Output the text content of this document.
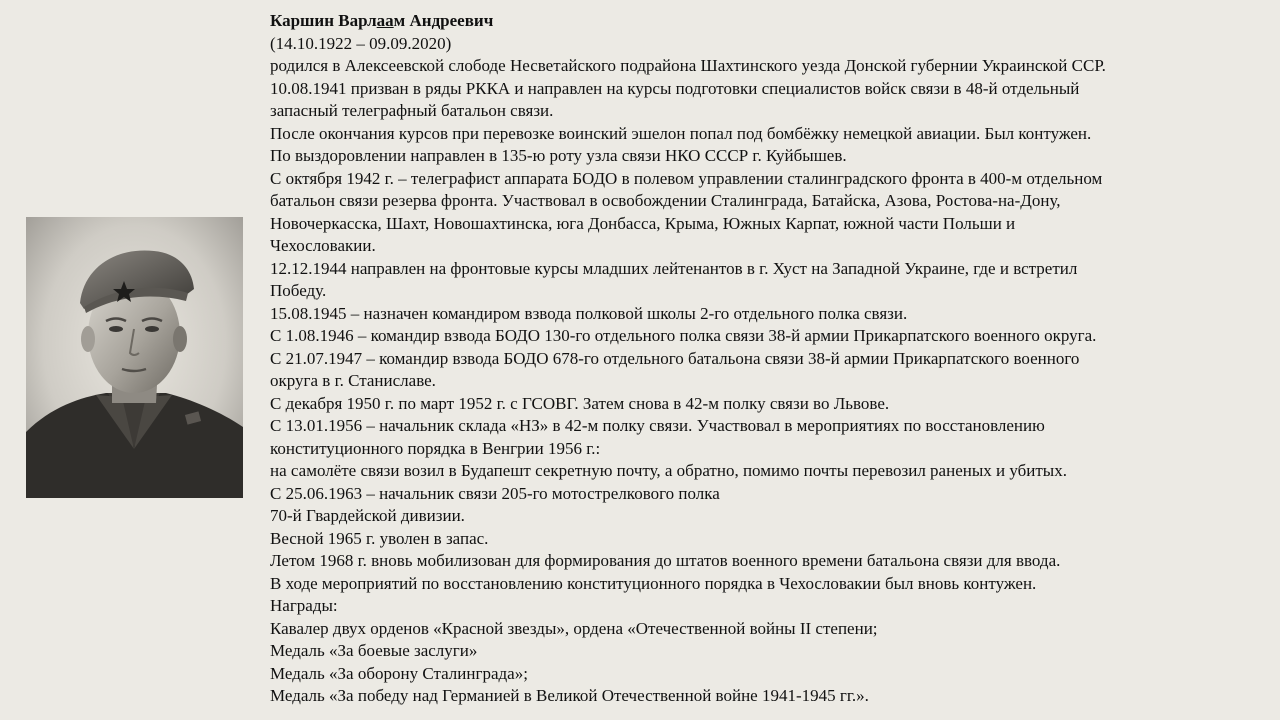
Каршин Варлаам Андреевич
(14.10.1922 – 09.09.2020)
родился в Алексеевской слободе Несветайского подрайона Шахтинского уезда Донской губернии Украинской ССР.
10.08.1941 призван в ряды РККА и направлен на курсы подготовки специалистов войск связи в 48-й отдельный
запасный телеграфный батальон связи.
После окончания курсов при перевозке воинский эшелон попал под бомбёжку немецкой авиации. Был контужен.
По выздоровлении направлен в 135-ю роту узла связи НКО СССР г. Куйбышев.
С октября 1942 г. – телеграфист аппарата БОДО в полевом управлении сталинградского фронта в 400-м отдельном
батальон связи резерва фронта. Участвовал в освобождении Сталинграда, Батайска, Азова, Ростова-на-Дону,
Новочеркасска, Шахт, Новошахтинска, юга Донбасса, Крыма, Южных Карпат, южной части Польши и
Чехословакии.
12.12.1944 направлен на фронтовые курсы младших лейтенантов в г. Хуст на Западной Украине, где и встретил
Победу.
15.08.1945 – назначен командиром взвода полковой школы 2-го отдельного полка связи.
С 1.08.1946 – командир взвода БОДО 130-го отдельного полка связи 38-й армии Прикарпатского военного округа.
С 21.07.1947 – командир взвода БОДО 678-го отдельного батальона связи 38-й армии Прикарпатского военного
округа в г. Станиславе.
С декабря 1950 г. по март 1952 г. с ГСОВГ. Затем снова в 42-м полку связи во Львове.
С 13.01.1956 – начальник склада «НЗ» в 42-м полку связи. Участвовал в мероприятиях по восстановлению
конституционного порядка в Венгрии 1956 г.:
на самолёте связи возил в Будапешт секретную почту, а обратно, помимо почты перевозил раненых и убитых.
С 25.06.1963 – начальник связи 205-го мотострелкового полка
70-й Гвардейской дивизии.
Весной 1965 г. уволен в запас.
Летом 1968 г. вновь мобилизован для формирования до штатов военного времени батальона связи для ввода.
В ходе мероприятий по восстановлению конституционного порядка в Чехословакии был вновь контужен.
Награды:
Кавалер двух орденов «Красной звезды», ордена «Отечественной войны II степени;
Медаль «За боевые заслуги»
Медаль «За оборону Сталинграда»;
Медаль «За победу над Германией в Великой Отечественной войне 1941-1945 гг.».
